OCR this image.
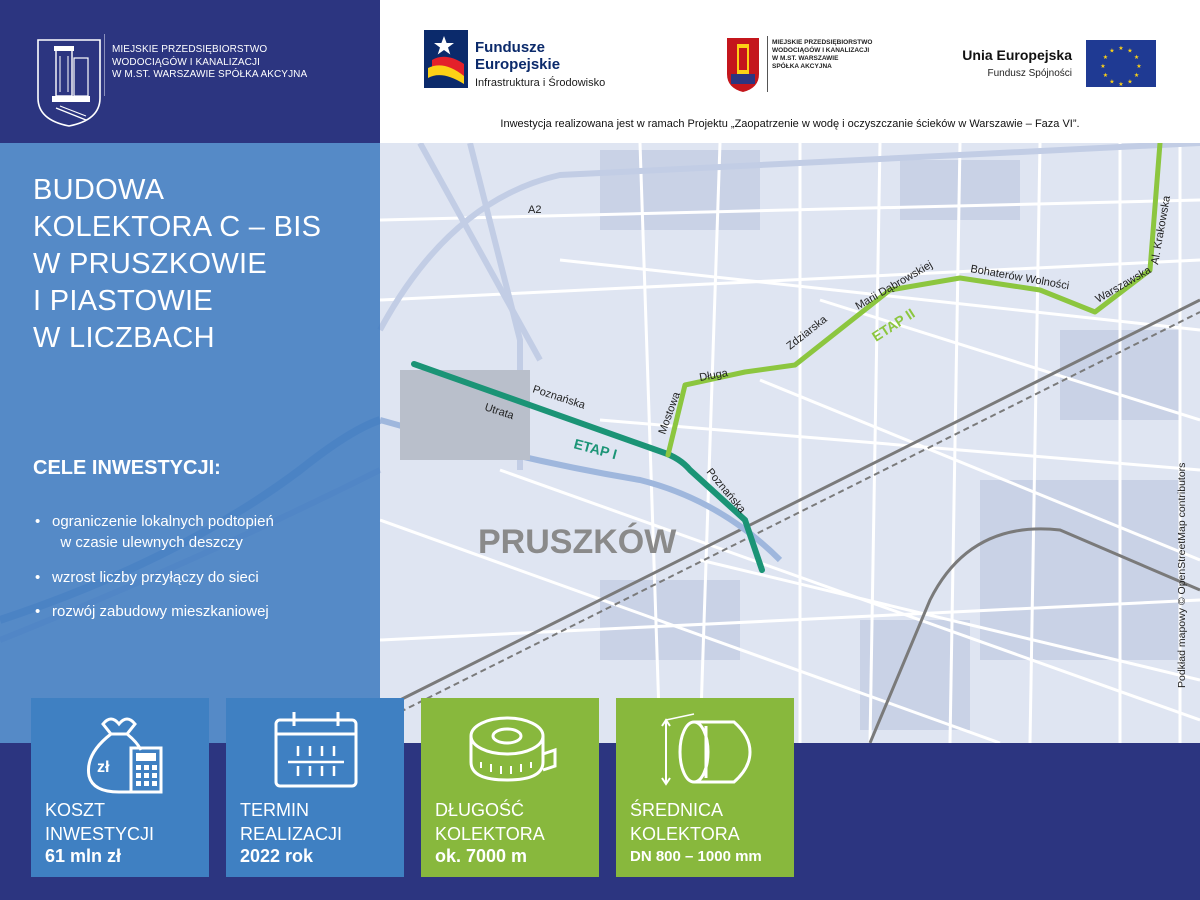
MIEJSKIE PRZEDSIĘBIORSTWO
WODOCIĄGÓW I KANALIZACJI
W M.ST. WARSZAWIE SPÓŁKA AKCYJNA
Fundusze
Europejskie
Infrastruktura i Środowisko
MIEJSKIE PRZEDSIĘBIORSTWO
WODOCIĄGÓW I KANALIZACJI
W M.ST. WARSZAWIE
SPÓŁKA AKCYJNA
Unia Europejska
Fundusz Spójności
★ ★
★
★
★
★
★
★
★
★
★
★
Inwestycja realizowana jest w ramach Projektu „Zaopatrzenie w wodę i oczyszczanie ścieków w Warszawie – Faza VI”.
A2
Poznańska
Utrata	Mostowa
Długa
Poznańska
Zdziarska
Marii Dąbrowskiej	Bohaterów Wolności Warszawska
Al. Krakowska
ETAP I
ETAP II
PRUSZKÓW	Podkład mapowy © OpenStreetMap contributors
BUDOWA
KOLEKTORA C – BIS
W PRUSZKOWIE
I PIASTOWIE
W LICZBACH
CELE INWESTYCJI:
• ograniczenie lokalnych podtopień
w czasie ulewnych deszczy
• wzrost liczby przyłączy do sieci
• rozwój zabudowy mieszkaniowej
zł
KOSZT
INWESTYCJI
61 mln zł
TERMIN
REALIZACJI
2022 rok
DŁUGOŚĆ
KOLEKTORA
ok. 7000 m
ŚREDNICA
KOLEKTORA
DN 800 – 1000 mm
